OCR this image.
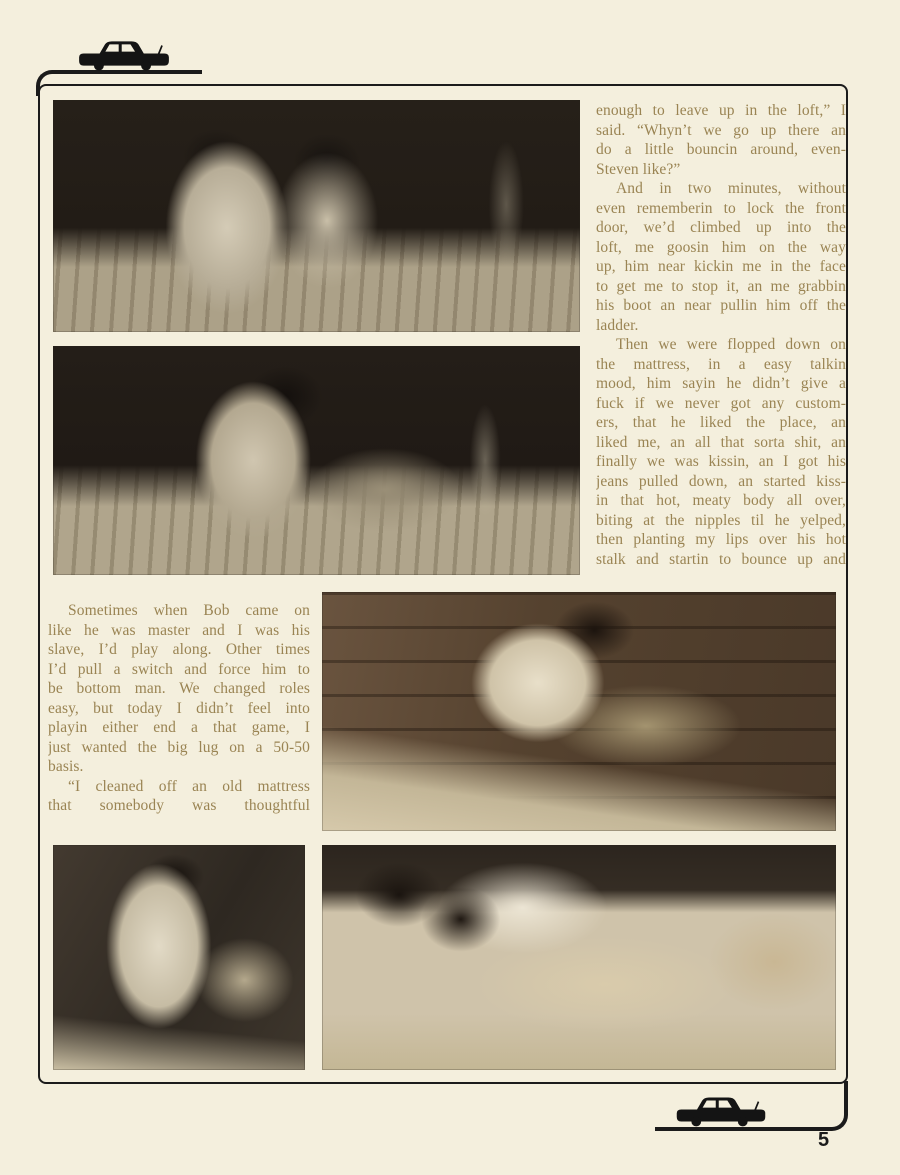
enough to leave up in the loft,” I
said. “Whyn’t we go up there an
do a little bouncin around, even-
Steven like?”
And in two minutes, without
even rememberin to lock the front
door, we’d climbed up into the
loft, me goosin him on the way
up, him near kickin me in the face
to get me to stop it, an me grabbin
his boot an near pullin him off the
ladder.
Then we were flopped down on
the mattress, in a easy talkin
mood, him sayin he didn’t give a
fuck if we never got any custom-
ers, that he liked the place, an
liked me, an all that sorta shit, an
finally we was kissin, an I got his
jeans pulled down, an started kiss-
in that hot, meaty body all over,
biting at the nipples til he yelped,
then planting my lips over his hot
stalk and startin to bounce up and
Sometimes when Bob came on
like he was master and I was his
slave, I’d play along. Other times
I’d pull a switch and force him to
be bottom man. We changed roles
easy, but today I didn’t feel into
playin either end a that game, I
just wanted the big lug on a 50-50
basis.
“I cleaned off an old mattress
that somebody was thoughtful
5
